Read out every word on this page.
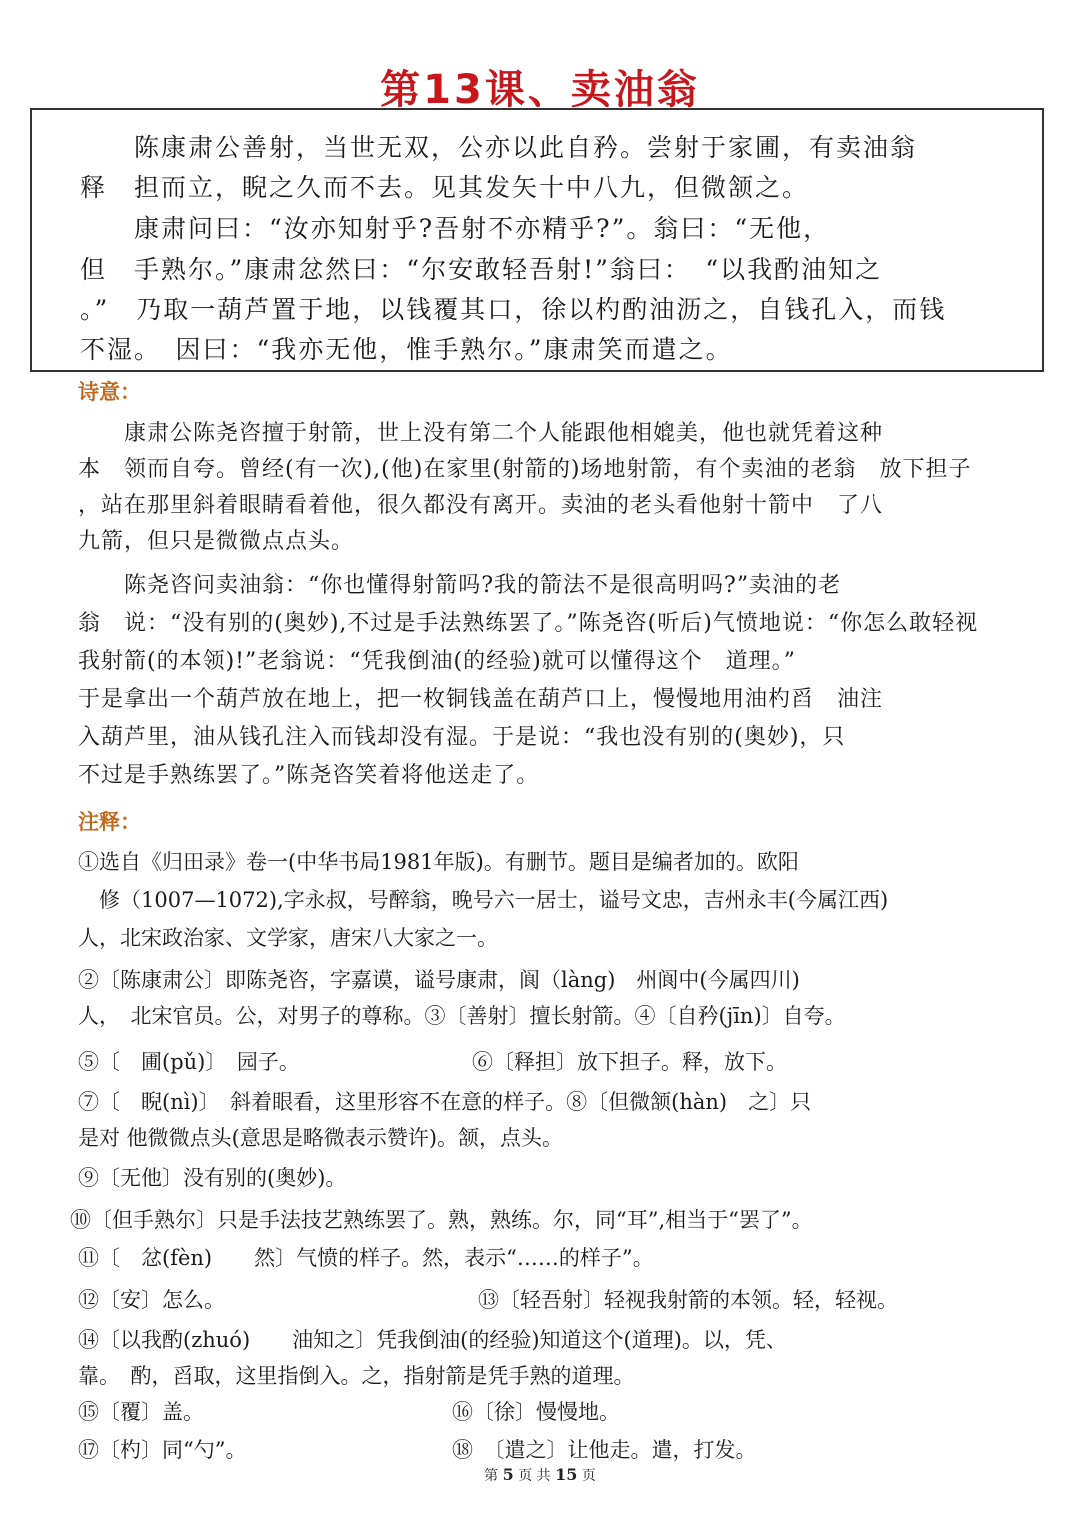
第13课、卖油翁
　　陈康肃公善射，当世无双，公亦以此自矜。尝射于家圃，有卖油翁
释　担而立，睨之久而不去。见其发矢十中八九，但微颔之。
　　康肃问曰：“汝亦知射乎?吾射不亦精乎?”。翁曰：“无他，
但　手熟尔。”康肃忿然曰：“尔安敢轻吾射!”翁曰：　“以我酌油知之
。”　乃取一葫芦置于地，以钱覆其口，徐以杓酌油沥之，自钱孔入，而钱
不湿。　因曰：“我亦无他，惟手熟尔。”康肃笑而遣之。
诗意：
　　康肃公陈尧咨擅于射箭，世上没有第二个人能跟他相媲美，他也就凭着这种
本　领而自夸。曾经(有一次),(他)在家里(射箭的)场地射箭，有个卖油的老翁　放下担子
，站在那里斜着眼睛看着他，很久都没有离开。卖油的老头看他射十箭中　了八
九箭，但只是微微点点头。
　　陈尧咨问卖油翁：“你也懂得射箭吗?我的箭法不是很高明吗?”卖油的老
翁　说：“没有别的(奥妙),不过是手法熟练罢了。”陈尧咨(听后)气愤地说：“你怎么敢轻视
我射箭(的本领)!”老翁说：“凭我倒油(的经验)就可以懂得这个　道理。”
于是拿出一个葫芦放在地上，把一枚铜钱盖在葫芦口上，慢慢地用油杓舀　油注
入葫芦里，油从钱孔注入而钱却没有湿。于是说：“我也没有别的(奥妙)，只
不过是手熟练罢了。”陈尧咨笑着将他送走了。
注释：
①选自《归田录》卷一(中华书局1981年版)。有删节。题目是编者加的。欧阳
　修（1007—1072),字永叔，号醉翁，晚号六一居士，谥号文忠，吉州永丰(今属江西)
人，北宋政治家、文学家，唐宋八大家之一。
②〔陈康肃公〕即陈尧咨，字嘉谟，谥号康肃，阆（làng)　州阆中(今属四川)
人，　北宋官员。公，对男子的尊称。③〔善射〕擅长射箭。④〔自矜(jīn)〕自夸。
⑤〔　圃(pǔ)〕　园子。	⑥〔释担〕放下担子。释，放下。
⑦〔　睨(nì)〕　斜着眼看，这里形容不在意的样子。⑧〔但微颔(hàn)　之〕只
是对 他微微点头(意思是略微表示赞许)。颔，点头。
⑨〔无他〕没有别的(奥妙)。
⑩〔但手熟尔〕只是手法技艺熟练罢了。熟，熟练。尔，同“耳”,相当于“罢了”。
⑪〔　忿(fèn)　　然〕气愤的样子。然，表示“……的样子”。
⑫〔安〕怎么。	⑬〔轻吾射〕轻视我射箭的本领。轻，轻视。
⑭〔以我酌(zhuó)　　油知之〕凭我倒油(的经验)知道这个(道理)。以，凭、
靠。　酌，舀取，这里指倒入。之，指射箭是凭手熟的道理。
⑮〔覆〕盖。	⑯〔徐〕慢慢地。
⑰〔杓〕同“勺”。	⑱　〔遣之〕让他走。遣，打发。
第 5 页 共 15 页
